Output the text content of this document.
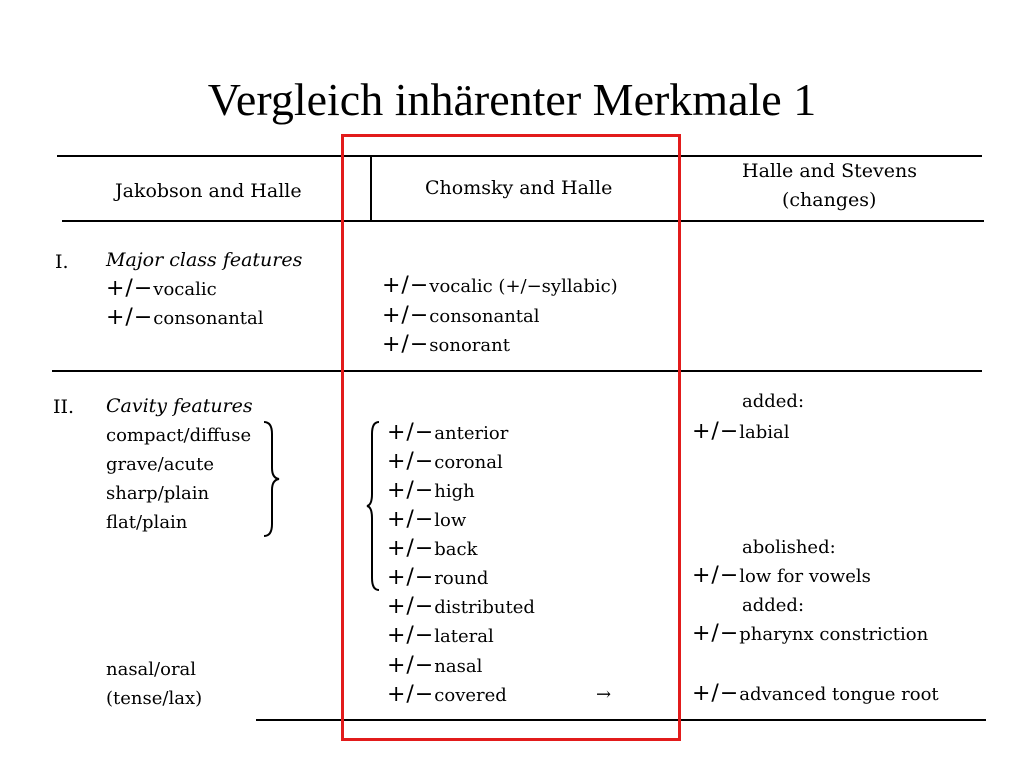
Vergleich inhärenter Merkmale 1
Jakobson and Halle	Chomsky and Halle
Halle and Stevens
(changes)
I. Major class features
+/−vocalic
+/−consonantal
+/−vocalic (+/−syllabic)
+/−consonantal
+/−sonorant
II. Cavity features
compact/diffuse
grave/acute
sharp/plain
flat/plain
nasal/oral
(tense/lax)
+/−anterior
+/−coronal
+/−high
+/−low
+/−back
+/−round
+/−distributed
+/−lateral
+/−nasal
+/−covered	→
added:
+/−labial
abolished:
+/−low for vowels
added:
+/−pharynx constriction
+/−advanced tongue root
